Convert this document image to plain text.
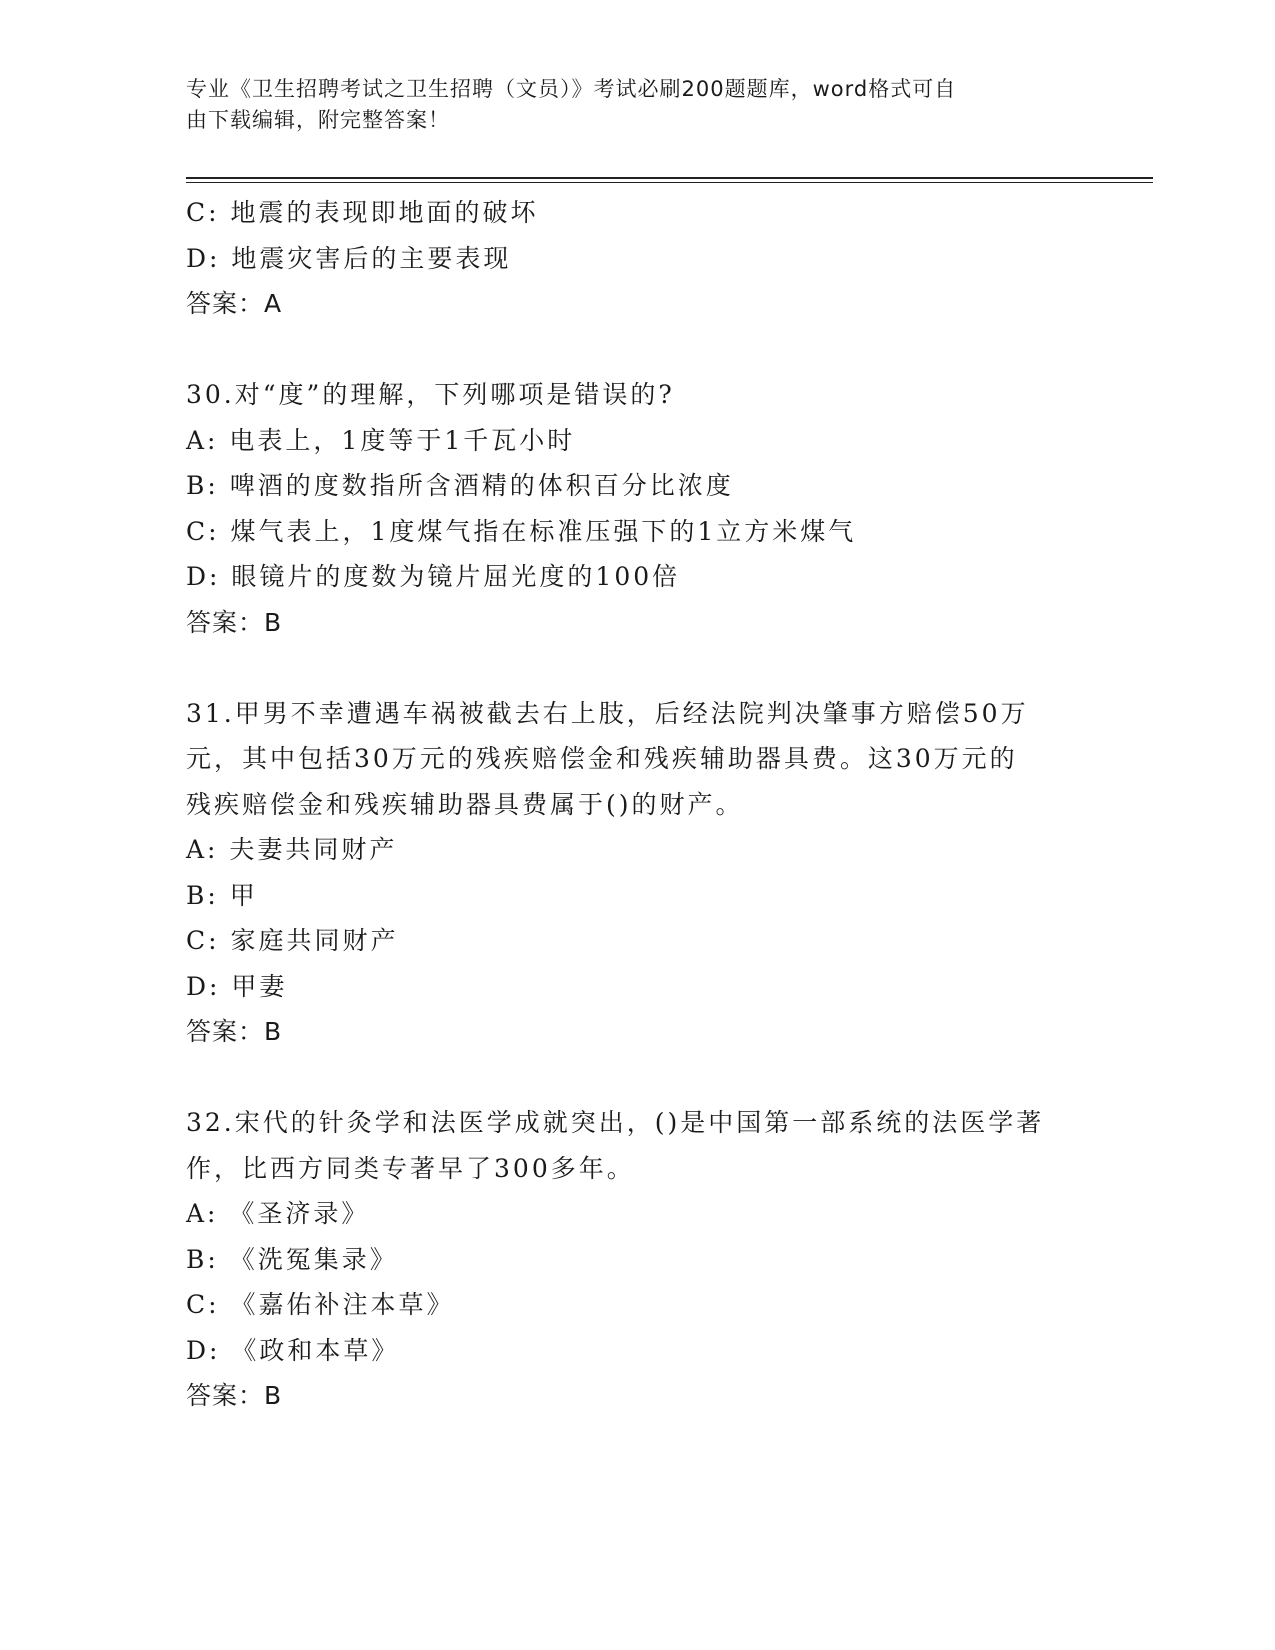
专业《卫生招聘考试之卫生招聘（文员）》考试必刷200题题库，word格式可自
由下载编辑，附完整答案！
C: 地震的表现即地面的破坏
D: 地震灾害后的主要表现
答案：A
30.对“度”的理解，下列哪项是错误的?
A: 电表上，1度等于1千瓦小时
B: 啤酒的度数指所含酒精的体积百分比浓度
C: 煤气表上，1度煤气指在标准压强下的1立方米煤气
D: 眼镜片的度数为镜片屈光度的100倍
答案：B
31.甲男不幸遭遇车祸被截去右上肢，后经法院判决肇事方赔偿50万
元，其中包括30万元的残疾赔偿金和残疾辅助器具费。这30万元的
残疾赔偿金和残疾辅助器具费属于()的财产。
A: 夫妻共同财产
B: 甲
C: 家庭共同财产
D: 甲妻
答案：B
32.宋代的针灸学和法医学成就突出，()是中国第一部系统的法医学著
作，比西方同类专著早了300多年。
A: 《圣济录》
B: 《洗冤集录》
C: 《嘉佑补注本草》
D: 《政和本草》
答案：B
